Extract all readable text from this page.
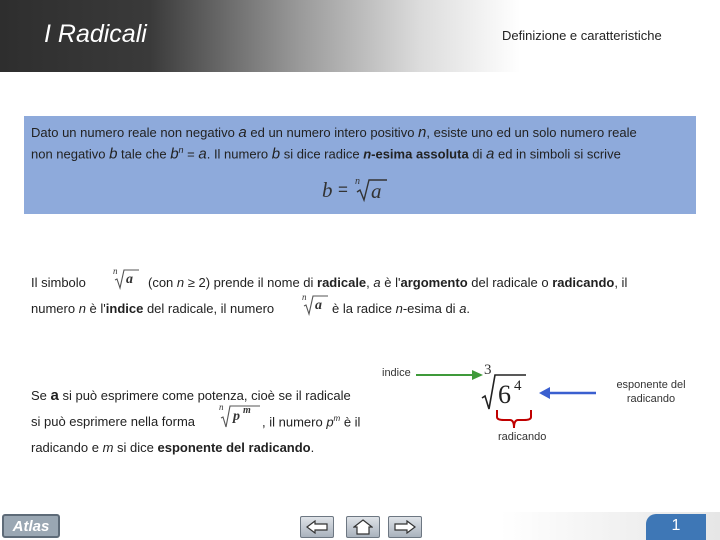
I Radicali	Definizione e caratteristiche
Dato un numero reale non negativo a ed un numero intero positivo n, esiste uno ed un solo numero reale
non negativo b tale che $b^n = a$. Il numero b si dice radice n-esima assoluta di a ed in simboli si scrive
b = n a
Il simbolo
n
a (con n ≥ 2) prende il nome di radicale, a è l'argomento del radicale o radicando, il
numero n è l'indice del radicale, il numero
n
a è la radice n-esima di a.
Se a si può esprimere come potenza, cioè se il radicale
si può esprimere nella forma
n
p m
, il numero $p^m$ è il
radicando e m si dice esponente del radicando.
indice	3
6 4
radicando
esponente del
radicando
Atlas	1
